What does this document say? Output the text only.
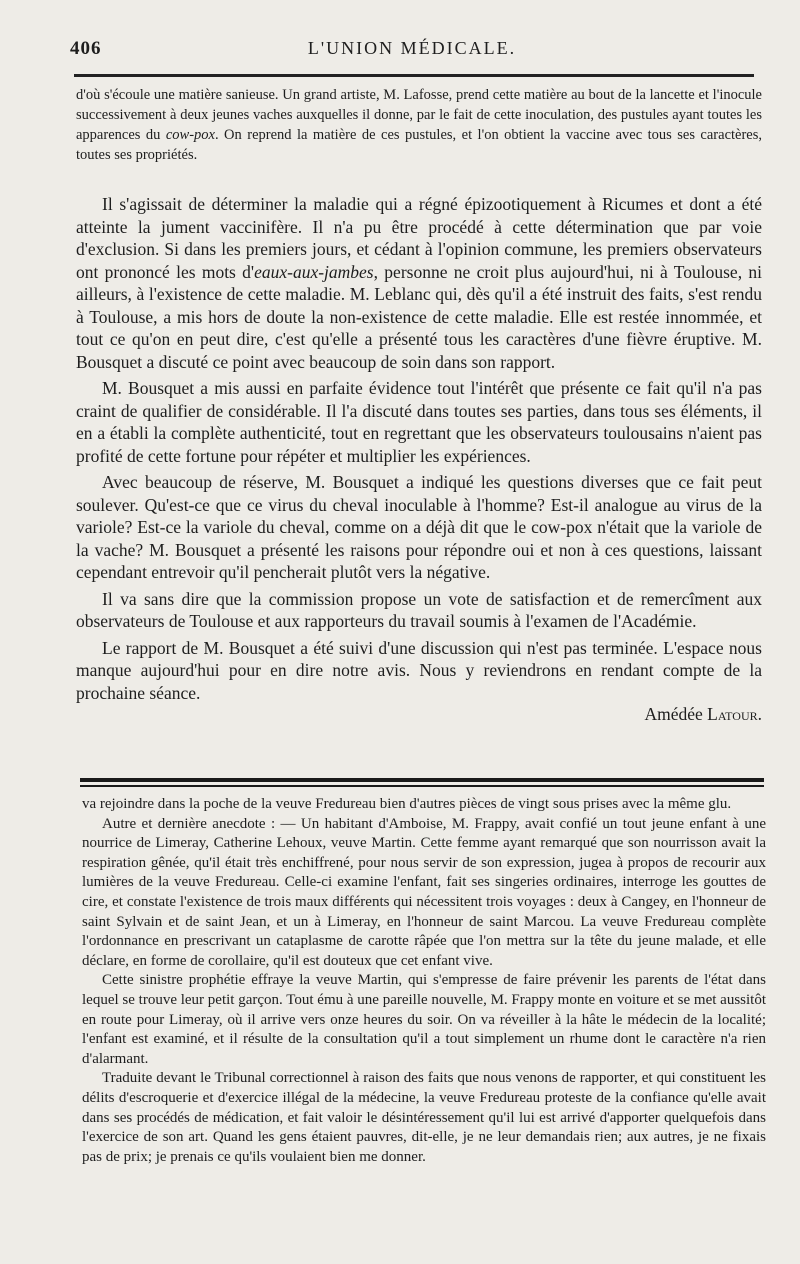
406	L'UNION MÉDICALE.

d'où s'écoule une matière sanieuse. Un grand artiste, M. Lafosse, prend cette matière au bout de la lancette et l'inocule successivement à deux jeunes vaches auxquelles il donne, par le fait de cette inoculation, des pustules ayant toutes les apparences du cow-pox. On reprend la matière de ces pustules, et l'on obtient la vaccine avec tous ses caractères, toutes ses propriétés.

Il s'agissait de déterminer la maladie qui a régné épizootiquement à Ricumes et dont a été atteinte la jument vaccinifère. Il n'a pu être procédé à cette détermination que par voie d'exclusion. Si dans les premiers jours, et cédant à l'opinion commune, les premiers observateurs ont prononcé les mots d'eaux-aux-jambes, personne ne croit plus aujourd'hui, ni à Toulouse, ni ailleurs, à l'existence de cette maladie. M. Leblanc qui, dès qu'il a été instruit des faits, s'est rendu à Toulouse, a mis hors de doute la non-existence de cette maladie. Elle est restée innommée, et tout ce qu'on en peut dire, c'est qu'elle a présenté tous les caractères d'une fièvre éruptive. M. Bousquet a discuté ce point avec beaucoup de soin dans son rapport.

M. Bousquet a mis aussi en parfaite évidence tout l'intérêt que présente ce fait qu'il n'a pas craint de qualifier de considérable. Il l'a discuté dans toutes ses parties, dans tous ses éléments, il en a établi la complète authenticité, tout en regrettant que les observateurs toulousains n'aient pas profité de cette fortune pour répéter et multiplier les expériences.

Avec beaucoup de réserve, M. Bousquet a indiqué les questions diverses que ce fait peut soulever. Qu'est-ce que ce virus du cheval inoculable à l'homme? Est-il analogue au virus de la variole? Est-ce la variole du cheval, comme on a déjà dit que le cow-pox n'était que la variole de la vache? M. Bousquet a présenté les raisons pour répondre oui et non à ces questions, laissant cependant entrevoir qu'il pencherait plutôt vers la négative.

Il va sans dire que la commission propose un vote de satisfaction et de remercîment aux observateurs de Toulouse et aux rapporteurs du travail soumis à l'examen de l'Académie.

Le rapport de M. Bousquet a été suivi d'une discussion qui n'est pas terminée. L'espace nous manque aujourd'hui pour en dire notre avis. Nous y reviendrons en rendant compte de la prochaine séance.

Amédée Latour.

va rejoindre dans la poche de la veuve Fredureau bien d'autres pièces de vingt sous prises avec la même glu.

Autre et dernière anecdote : — Un habitant d'Amboise, M. Frappy, avait confié un tout jeune enfant à une nourrice de Limeray, Catherine Lehoux, veuve Martin. Cette femme ayant remarqué que son nourrisson avait la respiration gênée, qu'il était très enchiffrené, pour nous servir de son expression, jugea à propos de recourir aux lumières de la veuve Fredureau. Celle-ci examine l'enfant, fait ses singeries ordinaires, interroge les gouttes de cire, et constate l'existence de trois maux différents qui nécessitent trois voyages : deux à Cangey, en l'honneur de saint Sylvain et de saint Jean, et un à Limeray, en l'honneur de saint Marcou. La veuve Fredureau complète l'ordonnance en prescrivant un cataplasme de carotte râpée que l'on mettra sur la tête du jeune malade, et elle déclare, en forme de corollaire, qu'il est douteux que cet enfant vive.

Cette sinistre prophétie effraye la veuve Martin, qui s'empresse de faire prévenir les parents de l'état dans lequel se trouve leur petit garçon. Tout ému à une pareille nouvelle, M. Frappy monte en voiture et se met aussitôt en route pour Limeray, où il arrive vers onze heures du soir. On va réveiller à la hâte le médecin de la localité; l'enfant est examiné, et il résulte de la consultation qu'il a tout simplement un rhume dont le caractère n'a rien d'alarmant.

Traduite devant le Tribunal correctionnel à raison des faits que nous venons de rapporter, et qui constituent les délits d'escroquerie et d'exercice illégal de la médecine, la veuve Fredureau proteste de la confiance qu'elle avait dans ses procédés de médication, et fait valoir le désintéressement qu'il lui est arrivé d'apporter quelquefois dans l'exercice de son art. Quand les gens étaient pauvres, dit-elle, je ne leur demandais rien; aux autres, je ne fixais pas de prix; je prenais ce qu'ils voulaient bien me donner.
